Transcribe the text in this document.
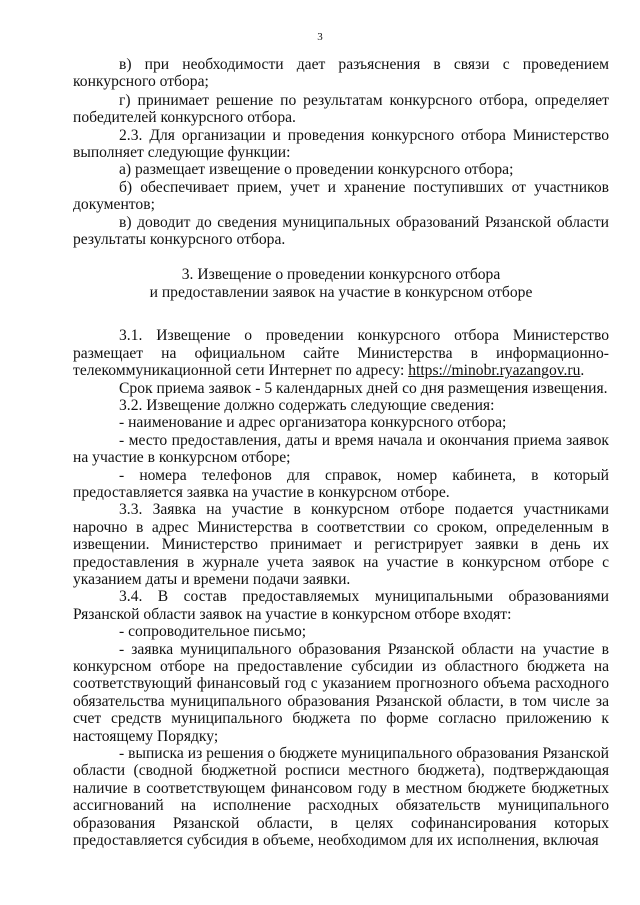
3

в) при необходимости дает разъяснения в связи с проведением конкурсного отбора;

г) принимает решение по результатам конкурсного отбора, определяет победителей конкурсного отбора.

2.3. Для организации и проведения конкурсного отбора Министерство выполняет следующие функции:

а) размещает извещение о проведении конкурсного отбора;

б) обеспечивает прием, учет и хранение поступивших от участников документов;

в) доводит до сведения муниципальных образований Рязанской области результаты конкурсного отбора.

3. Извещение о проведении конкурсного отбора
и предоставлении заявок на участие в конкурсном отборе

3.1. Извещение о проведении конкурсного отбора Министерство размещает на официальном сайте Министерства в информационно-телекоммуникационной сети Интернет по адресу: https://minobr.ryazangov.ru.

Срок приема заявок - 5 календарных дней со дня размещения извещения.

3.2. Извещение должно содержать следующие сведения:

- наименование и адрес организатора конкурсного отбора;

- место предоставления, даты и время начала и окончания приема заявок на участие в конкурсном отборе;

- номера телефонов для справок, номер кабинета, в который предоставляется заявка на участие в конкурсном отборе.

3.3. Заявка на участие в конкурсном отборе подается участниками нарочно в адрес Министерства в соответствии со сроком, определенным в извещении. Министерство принимает и регистрирует заявки в день их предоставления в журнале учета заявок на участие в конкурсном отборе с указанием даты и времени подачи заявки.

3.4. В состав предоставляемых муниципальными образованиями Рязанской области заявок на участие в конкурсном отборе входят:

- сопроводительное письмо;

- заявка муниципального образования Рязанской области на участие в конкурсном отборе на предоставление субсидии из областного бюджета на соответствующий финансовый год с указанием прогнозного объема расходного обязательства муниципального образования Рязанской области, в том числе за счет средств муниципального бюджета по форме согласно приложению к настоящему Порядку;

- выписка из решения о бюджете муниципального образования Рязанской области (сводной бюджетной росписи местного бюджета), подтверждающая наличие в соответствующем финансовом году в местном бюджете бюджетных ассигнований на исполнение расходных обязательств муниципального образования Рязанской области, в целях софинансирования которых предоставляется субсидия в объеме, необходимом для их исполнения, включая
